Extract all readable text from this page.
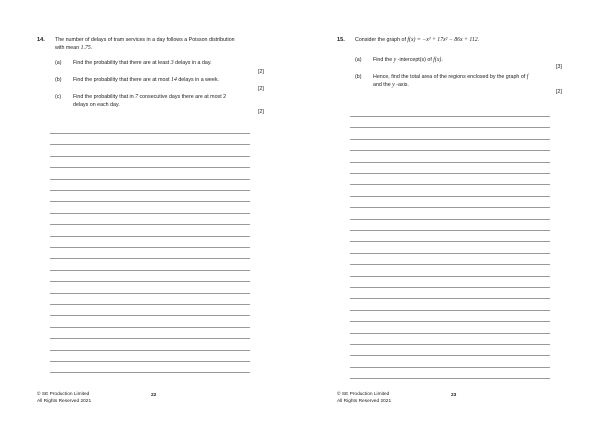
14. The number of delays of tram services in a day follows a Poisson distribution
with mean 1.75.
(a) Find the probability that there are at least 3 delays in a day.
[2]
(b) Find the probability that there are at most 14 delays in a week.
[2]
(c) Find the probability that in 7 consecutive days there are at most 2
delays on each day.
[2]
© SE Production Limited
All Rights Reserved 2021
22
15. Consider the graph of f(x) = −x³ + 17x² − 86x + 112.
(a) Find the y -intercept(s) of f(x).
[3]
(b) Hence, find the total area of the regions enclosed by the graph of f
and the y -axis.
[2]
© SE Production Limited
All Rights Reserved 2021
23
